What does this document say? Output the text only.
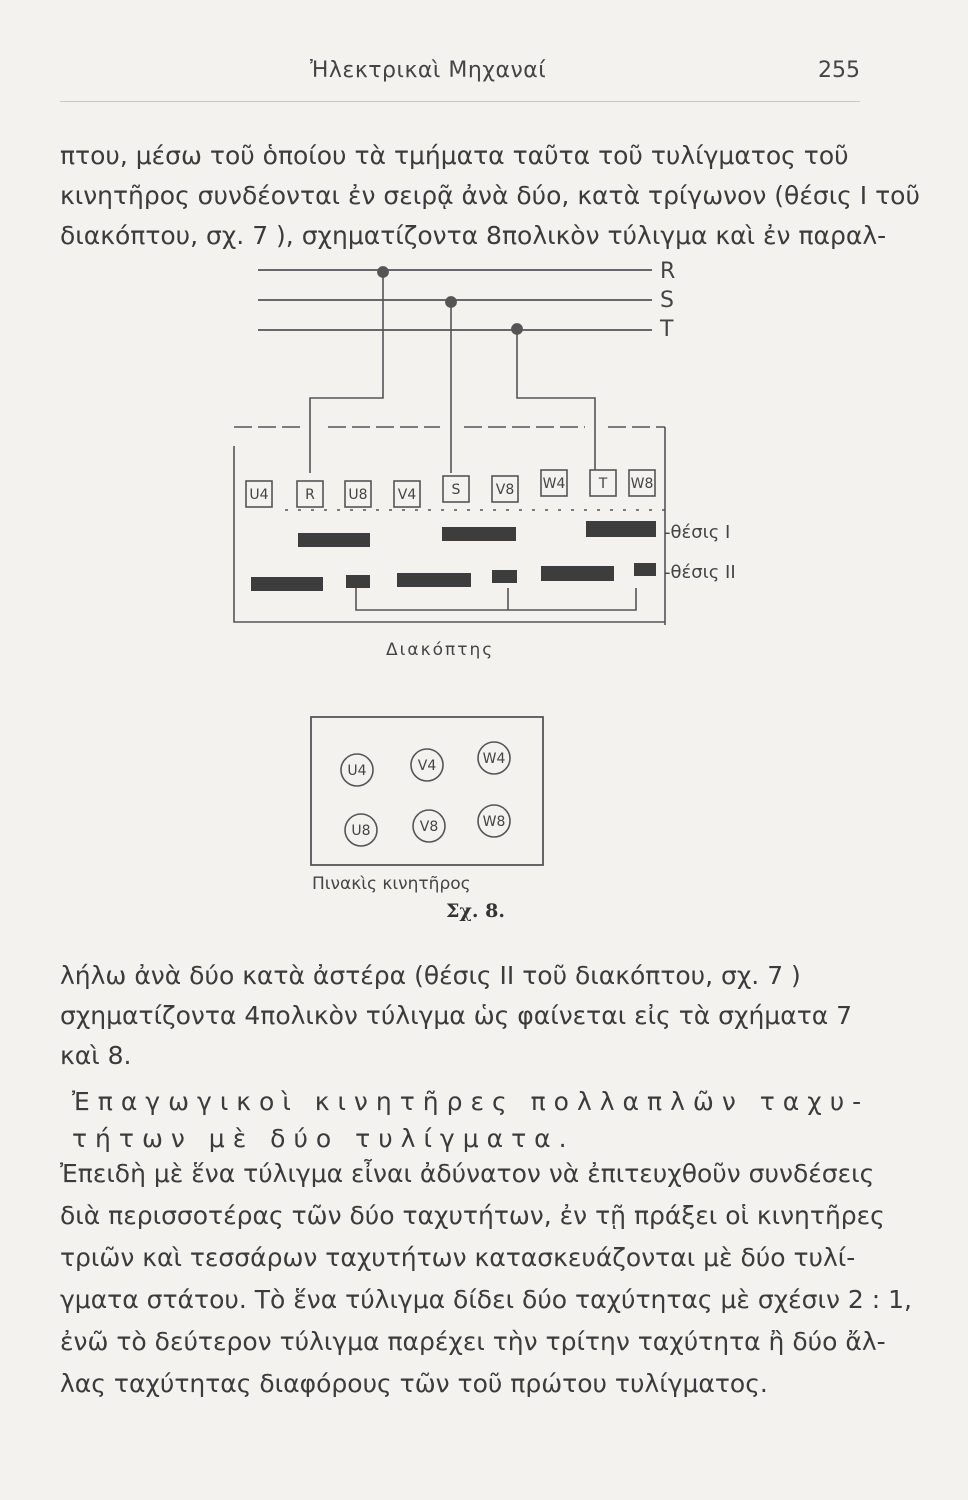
Ἠλεκτρικαὶ Μηχαναί	255

πτου, μέσω τοῦ ὁποίου τὰ τμήματα ταῦτα τοῦ τυλίγματος τοῦ

κινητῆρος συνδέονται ἐν σειρᾷ ἀνὰ δύο, κατὰ τρίγωνον (θέσις I τοῦ

διακόπτου, σχ. 7 ), σχηματίζοντα 8πολικὸν τύλιγμα καὶ ἐν παραλ-

R
S
T
U4	R U8 V4	S	V8 W4 T W8
-θέσις I
-θέσις II
Διακόπτης
U4	V4	W4
U8	V8	W8
Πινακὶς κινητῆρος
Σχ. 8.

λήλω ἀνὰ δύο κατὰ ἀστέρα (θέσις II τοῦ διακόπτου, σχ. 7 )

σχηματίζοντα 4πολικὸν τύλιγμα ὡς φαίνεται εἰς τὰ σχήματα 7

καὶ 8.

Ἐπαγωγικοὶ κινητῆρες πολλαπλῶν ταχυ-

τήτων μὲ δύο τυλίγματα.

Ἐπειδὴ μὲ ἕνα τύλιγμα εἶναι ἀδύνατον νὰ ἐπιτευχθοῦν συνδέσεις

διὰ περισσοτέρας τῶν δύο ταχυτήτων, ἐν τῇ πράξει οἱ κινητῆρες

τριῶν καὶ τεσσάρων ταχυτήτων κατασκευάζονται μὲ δύο τυλί-

γματα στάτου. Τὸ ἕνα τύλιγμα δίδει δύο ταχύτητας μὲ σχέσιν 2 : 1,

ἐνῶ τὸ δεύτερον τύλιγμα παρέχει τὴν τρίτην ταχύτητα ἢ δύο ἄλ-

λας ταχύτητας διαφόρους τῶν τοῦ πρώτου τυλίγματος.
